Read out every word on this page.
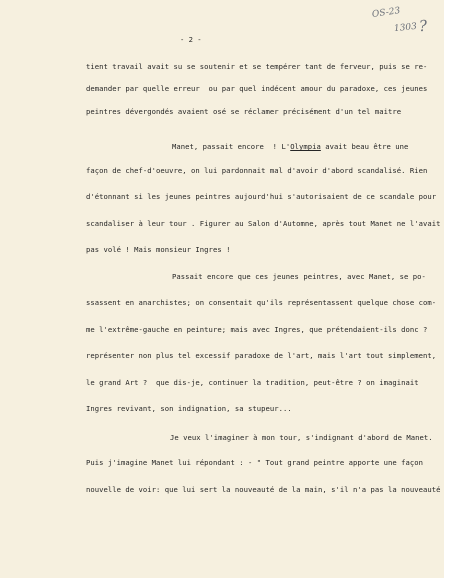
OS-23
1303 ?
- 2 -
tient travail avait su se soutenir et se tempérer tant de ferveur, puis se re-
demander par quelle erreur  ou par quel indécent amour du paradoxe, ces jeunes
peintres dévergondés avaient osé se réclamer précisément d'un tel maitre
Manet, passait encore  ! L'Olympia avait beau être une
façon de chef-d'oeuvre, on lui pardonnait mal d'avoir d'abord scandalisé. Rien
d'étonnant si les jeunes peintres aujourd'hui s'autorisaient de ce scandale pour
scandaliser à leur tour . Figurer au Salon d'Automne, après tout Manet ne l'avait
pas volé ! Mais monsieur Ingres !
Passait encore que ces jeunes peintres, avec Manet, se po-
ssassent en anarchistes; on consentait qu'ils représentassent quelque chose com-
me l'extrême-gauche en peinture; mais avec Ingres, que prétendaient-ils donc ?
représenter non plus tel excessif paradoxe de l'art, mais l'art tout simplement,
le grand Art ?  que dis-je, continuer la tradition, peut-être ? on imaginait
Ingres revivant, son indignation, sa stupeur...
Je veux l'imaginer à mon tour, s'indignant d'abord de Manet.
Puis j'imagine Manet lui répondant : - " Tout grand peintre apporte une façon
nouvelle de voir: que lui sert la nouveauté de la main, s'il n'a pas la nouveauté
